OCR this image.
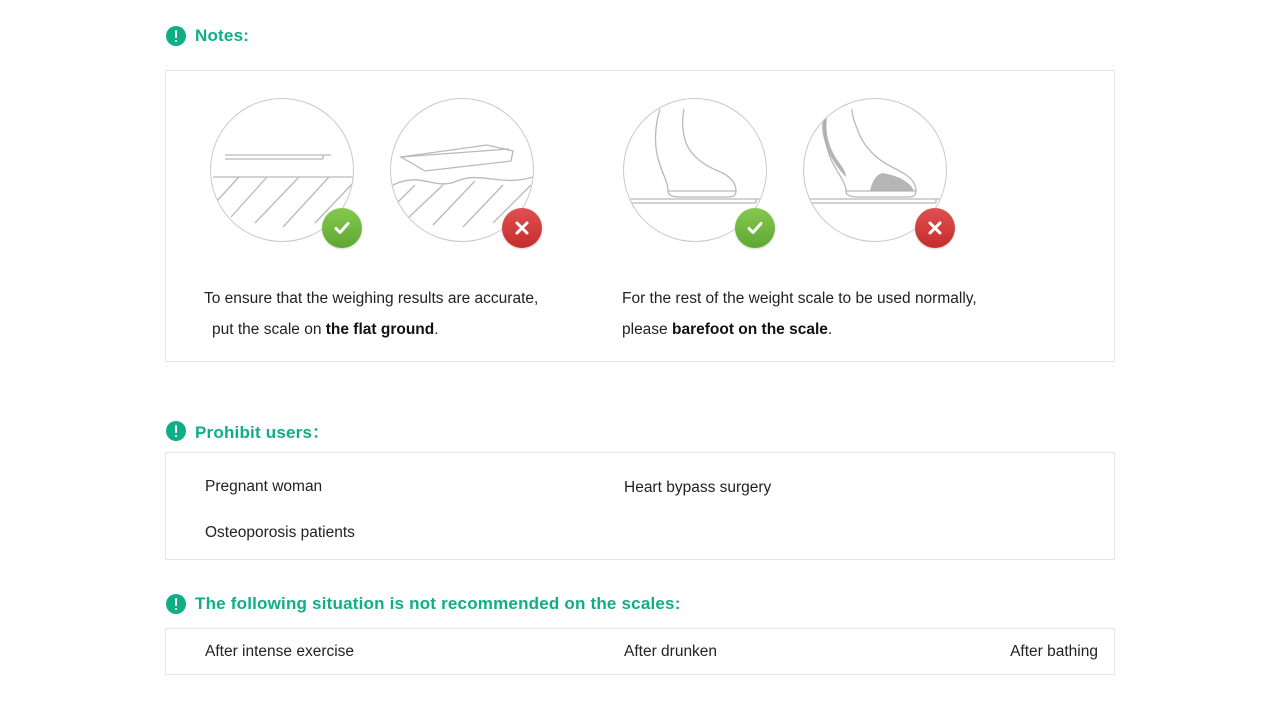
Notes:
To ensure that the weighing results are accurate,
put the scale on the flat ground.
For the rest of the weight scale to be used normally,
please barefoot on the scale.
Prohibit users：
Pregnant woman
Osteoporosis patients
Heart bypass surgery
The following situation is not recommended on the scales:
After intense exercise	After drunken	After bathing
